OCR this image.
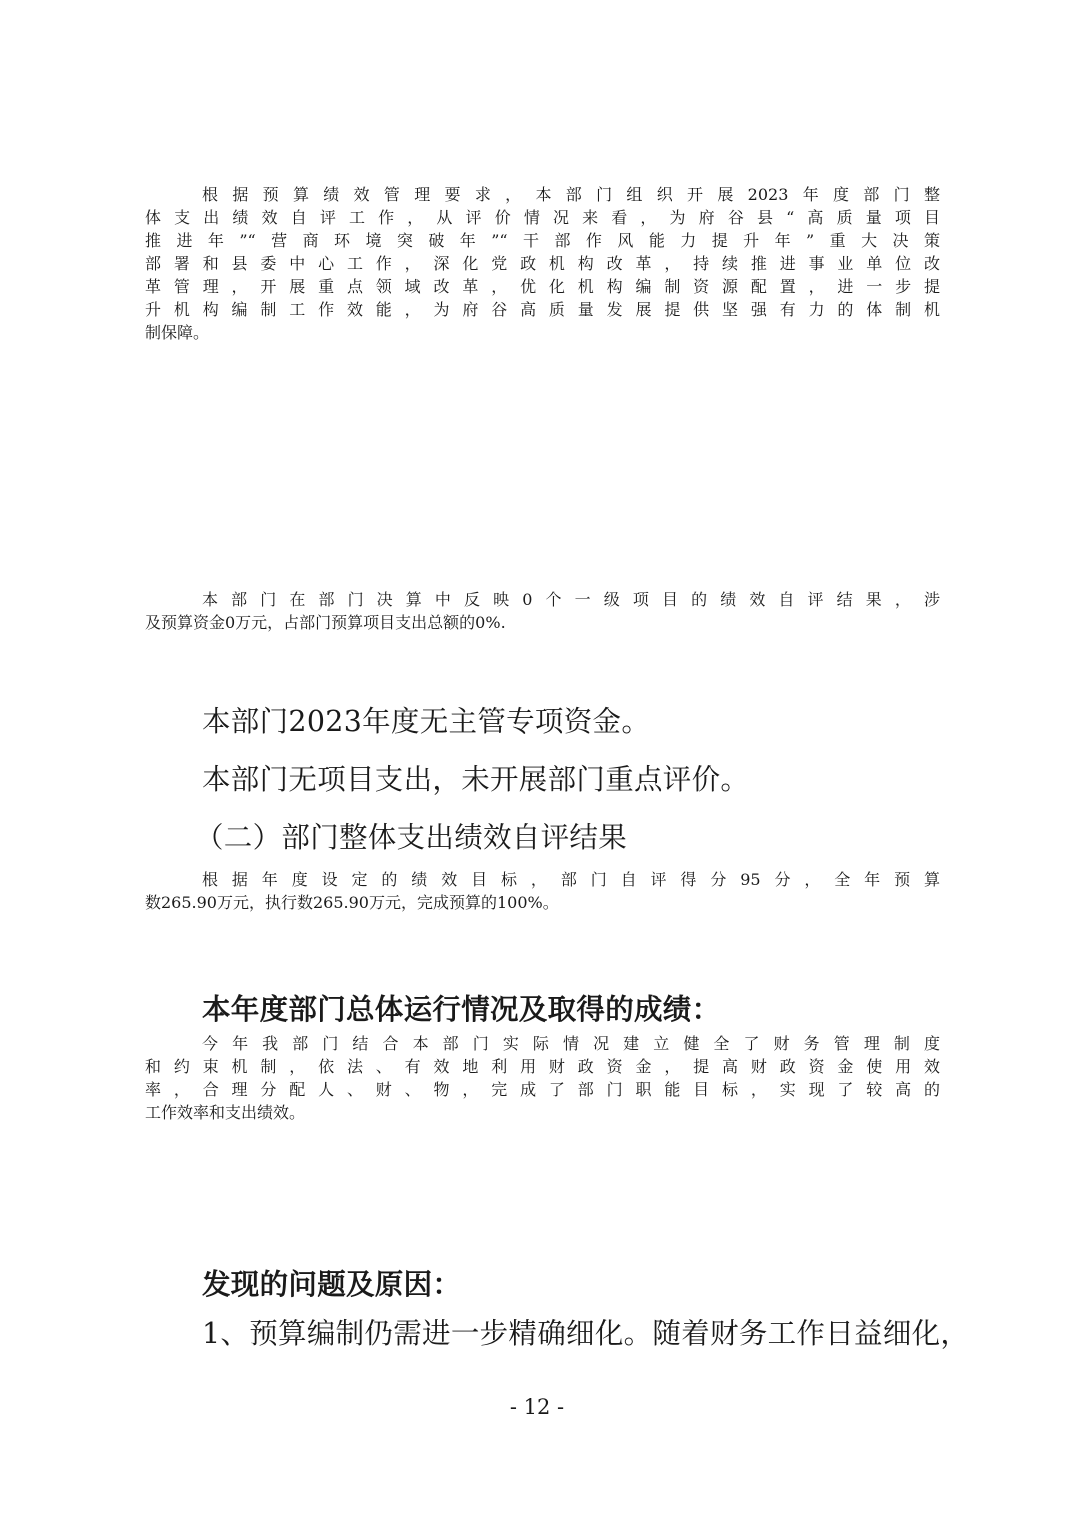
根据预算绩效管理要求，本部门组织开展2023年度部门整
体支出绩效自评工作，从评价情况来看，为府谷县“高质量项目
推进年”“营商环境突破年”“干部作风能力提升年”重大决策
部署和县委中心工作，深化党政机构改革，持续推进事业单位改
革管理，开展重点领域改革，优化机构编制资源配置，进一步提
升机构编制工作效能，为府谷高质量发展提供坚强有力的体制机
制保障。
本部门在部门决算中反映0个一级项目的绩效自评结果，涉
及预算资金0万元，占部门预算项目支出总额的0%.

本部门2023年度无主管专项资金。

本部门无项目支出，未开展部门重点评价。

（二）部门整体支出绩效自评结果

根据年度设定的绩效目标，部门自评得分95分，全年预算
数265.90万元，执行数265.90万元，完成预算的100%。

本年度部门总体运行情况及取得的成绩：

今年我部门结合本部门实际情况建立健全了财务管理制度
和约束机制，依法、有效地利用财政资金，提高财政资金使用效
率，合理分配人、财、物，完成了部门职能目标，实现了较高的
工作效率和支出绩效。

发现的问题及原因：

1、预算编制仍需进一步精确细化。随着财务工作日益细化，

- 12 -
